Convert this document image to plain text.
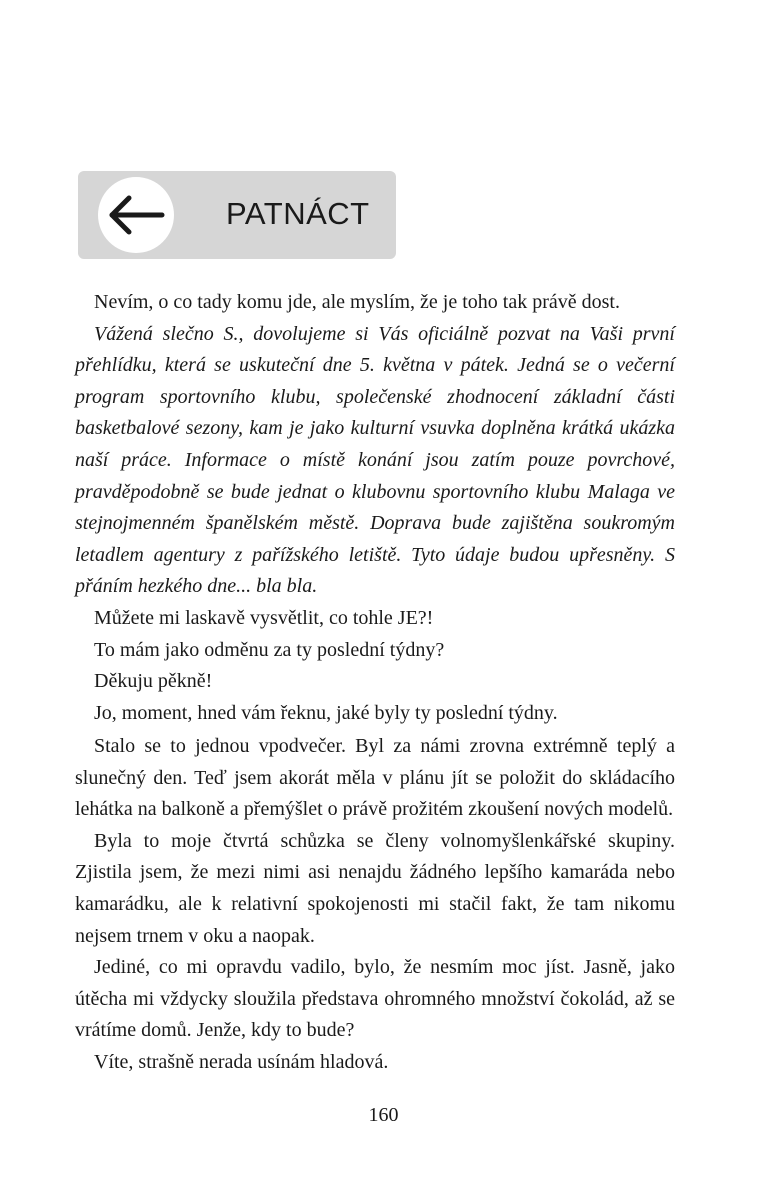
PATNÁCT

Nevím, o co tady komu jde, ale myslím, že je toho tak právě dost.

Vážená slečno S., dovolujeme si Vás oficiálně pozvat na Vaši první přehlídku, která se uskuteční dne 5. května v pátek. Jedná se o večerní program sportovního klubu, společenské zhodnocení základní části basketbalové sezony, kam je jako kulturní vsuvka doplněna krátká ukázka naší práce. Informace o místě konání jsou zatím pouze povrchové, pravděpodobně se bude jednat o klubovnu sportovního klubu Malaga ve stejnojmenném španělském městě. Doprava bude zajištěna soukromým letadlem agentury z pařížského letiště. Tyto údaje budou upřesněny. S přáním hezkého dne... bla bla.

Můžete mi laskavě vysvětlit, co tohle JE?!

To mám jako odměnu za ty poslední týdny?

Děkuju pěkně!

Jo, moment, hned vám řeknu, jaké byly ty poslední týdny.

Stalo se to jednou vpodvečer. Byl za námi zrovna extrémně teplý a slunečný den. Teď jsem akorát měla v plánu jít se položit do skládacího lehátka na balkoně a přemýšlet o právě prožitém zkoušení nových modelů.

Byla to moje čtvrtá schůzka se členy volnomyšlenkářské skupiny. Zjistila jsem, že mezi nimi asi nenajdu žádného lepšího kamaráda nebo kamarádku, ale k relativní spokojenosti mi stačil fakt, že tam nikomu nejsem trnem v oku a naopak.

Jediné, co mi opravdu vadilo, bylo, že nesmím moc jíst. Jasně, jako útěcha mi vždycky sloužila představa ohromného množství čokolád, až se vrátíme domů. Jenže, kdy to bude?

Víte, strašně nerada usínám hladová.

160
